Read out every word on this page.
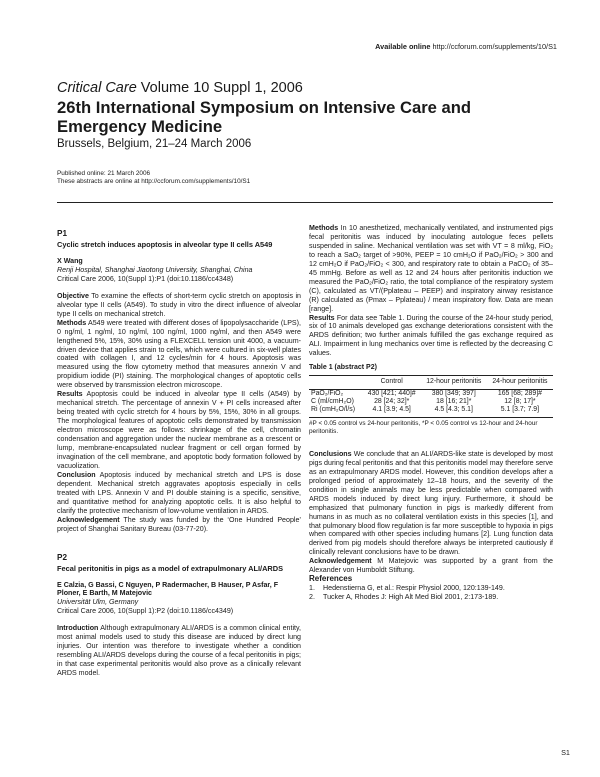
Available online http://ccforum.com/supplements/10/S1
Critical Care Volume 10 Suppl 1, 2006
26th International Symposium on Intensive Care and Emergency Medicine
Brussels, Belgium, 21–24 March 2006
Published online: 21 March 2006
These abstracts are online at http://ccforum.com/supplements/10/S1

P1

Cyclic stretch induces apoptosis in alveolar type II cells A549

X Wang

Renji Hospital, Shanghai Jiaotong University, Shanghai, China

Critical Care 2006, 10(Suppl 1):P1 (doi:10.1186/cc4348)

Objective To examine the effects of short-term cyclic stretch on apoptosis in alveolar type II cells (A549). To study in vitro the direct influence of alveolar type II cells on mechanical stretch.

Methods A549 were treated with different doses of lipopolysaccharide (LPS), 0 ng/ml, 1 ng/ml, 10 ng/ml, 100 ng/ml, 1000 ng/ml, and then A549 were lengthened 5%, 15%, 30% using a FLEXCELL tension unit 4000, a vacuum-driven device that applies strain to cells, which were cultured in six-well plates coated with collagen I, and 12 cycles/min for 4 hours. Apoptosis was measured using the flow cytometry method that measures annexin V and propidium iodide (PI) staining. The morphological changes of apoptotic cells were observed by transmission electron microscope.

Results Apoptosis could be induced in alveolar type II cells (A549) by mechanical stretch. The percentage of annexin V + PI cells increased after being treated with cyclic stretch for 4 hours by 5%, 15%, 30% in all groups. The morphological features of apoptotic cells demonstrated by transmission electron microscope were as follows: shrinkage of the cell, chromatin condensation and aggregation under the nuclear membrane as a crescent or lump, membrane-encapsulated nuclear fragment or cell organ formed by invagination of the cell membrane, and apoptotic body formation followed by vacuolization.

Conclusion Apoptosis induced by mechanical stretch and LPS is dose dependent. Mechanical stretch aggravates apoptosis especially in cells treated with LPS. Annexin V and PI double staining is a specific, sensitive, and quantitative method for analyzing apoptotic cells. It is also helpful to clarify the protective mechanism of low-volume ventilation in ARDS.

Acknowledgement The study was funded by the ‘One Hundred People’ project of Shanghai Sanitary Bureau (03-77-20).

P2

Fecal peritonitis in pigs as a model of extrapulmonary ALI/ARDS

E Calzia, G Bassi, C Nguyen, P Radermacher, B Hauser, P Asfar, F Ploner, E Barth, M Matejovic

Universität Ulm, Germany

Critical Care 2006, 10(Suppl 1):P2 (doi:10.1186/cc4349)

Introduction Although extrapulmonary ALI/ARDS is a common clinical entity, most animal models used to study this disease are induced by direct lung injuries. Our intention was therefore to investigate whether a condition resembling ALI/ARDS develops during the course of a fecal peritonitis in pigs; in that case experimental peritonitis would also prove as a clinically relevant ARDS model.

Methods In 10 anesthetized, mechanically ventilated, and instrumented pigs fecal peritonitis was induced by inoculating autologue feces pellets suspended in saline. Mechanical ventilation was set with VT = 8 ml/kg, FiO₂ to reach a SaO₂ target of >90%, PEEP = 10 cmH₂O if PaO₂/FiO₂ > 300 and 12 cmH₂O if PaO₂/FiO₂ < 300, and respiratory rate to obtain a PaCO₂ of 35–45 mmHg. Before as well as 12 and 24 hours after peritonitis induction we measured the PaO₂/FiO₂ ratio, the total compliance of the respiratory system (C), calculated as VT/(Pplateau – PEEP) and inspiratory airway resistance (R) calculated as (Pmax – Pplateau) / mean inspiratory flow. Data are mean [range].

Results For data see Table 1. During the course of the 24-hour study period, six of 10 animals developed gas exchange deteriorations consistent with the ARDS definition; two further animals fulfilled the gas exchange required as ALI. Impairment in lung mechanics over time is reflected by the decreasing C values.

Table 1 (abstract P2)

	Control	12-hour peritonitis	24-hour peritonitis
PaO₂/FiO₂	430 [421; 440]#	380 [349; 397]	165 [68; 289]#
C (ml/cmH₂O)	28 [24; 32]*	18 [16; 21]*	12 [8; 17]*
Ri (cmH₂O/l/s)	4.1 [3.9; 4.5]	4.5 [4.3; 5.1]	5.1 [3.7; 7.9]

#P < 0.05 control vs 24-hour peritonitis, *P < 0.05 control vs 12-hour and 24-hour peritonitis.

Conclusions We conclude that an ALI/ARDS-like state is developed by most pigs during fecal peritonitis and that this peritonitis model may therefore serve as an extrapulmonary ARDS model. However, this condition develops after a prolonged period of approximately 12–18 hours, and the severity of the condition in single animals may be less predictable when compared with ARDS models induced by direct lung injury. Furthermore, it should be emphasized that pulmonary function in pigs is markedly different from humans in as much as no collateral ventilation exists in this species [1], and that pulmonary blood flow regulation is far more susceptible to hypoxia in pigs when compared with other species including humans [2]. Lung function data derived from pig models should therefore always be interpreted cautiously if clinically relevant conclusions have to be drawn.

Acknowledgement M Matejovic was supported by a grant from the Alexander von Humboldt Stiftung.

References

1.	Hedenstierna G, et al.: Respir Physiol 2000, 120:139-149.
2.	Tucker A, Rhodes J: High Alt Med Biol 2001, 2:173-189.
S1
